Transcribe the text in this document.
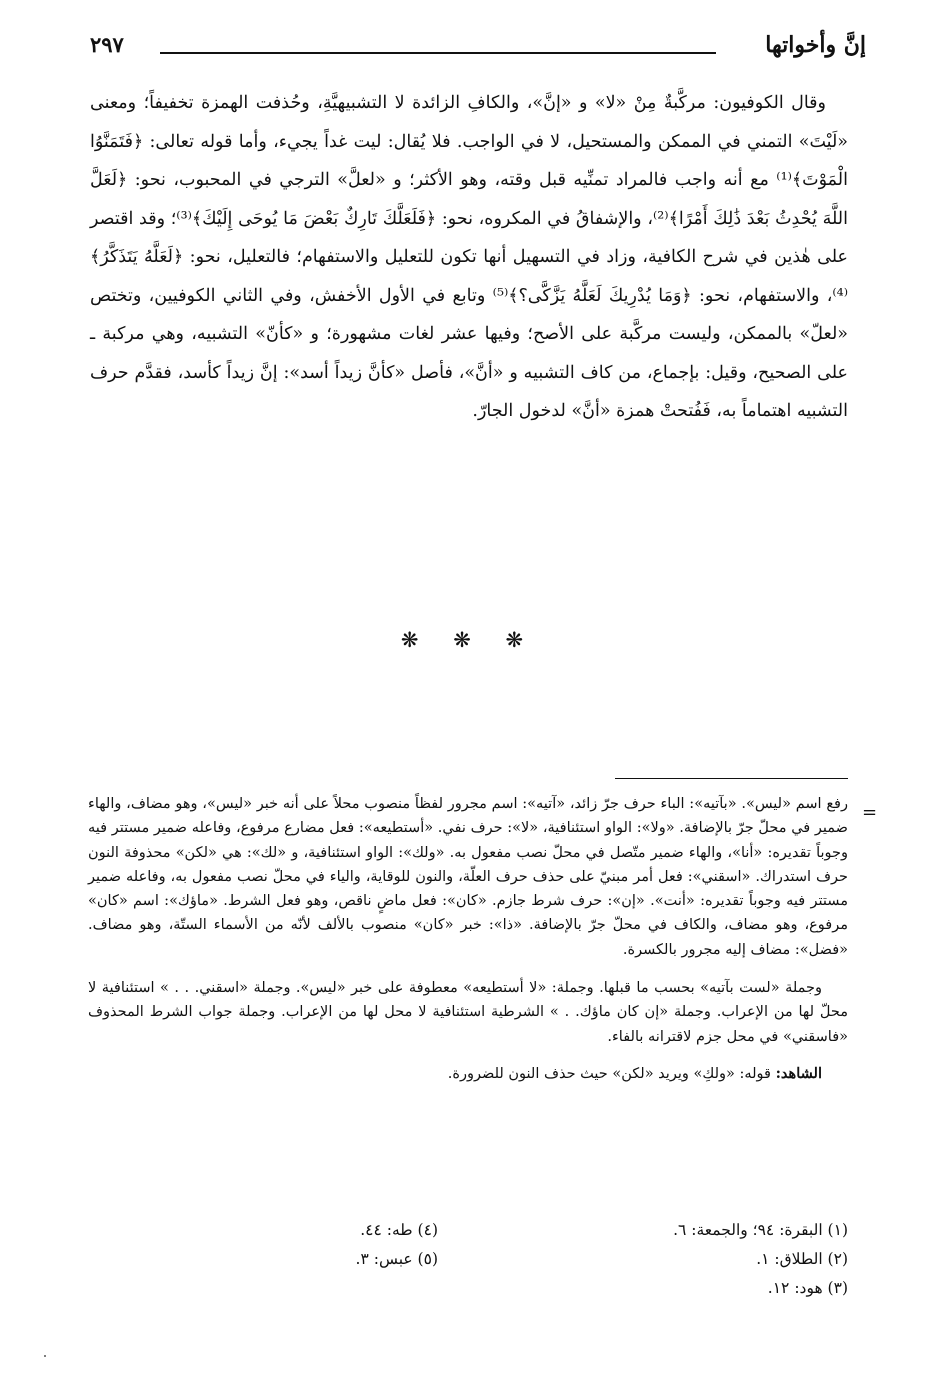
إنَّ وأخواتها
٢٩٧

وقال الكوفيون: مركَّبةٌ مِنْ «لا» و «إنَّ»، والكافِ الزائدة لا التشبيهيَّةِ، وحُذفت الهمزة تخفيفاً؛ ومعنى «لَيْتَ» التمني في الممكن والمستحيل، لا في الواجب. فلا يُقال: ليت غداً يجيء، وأما قوله تعالى: ﴿فَتَمَنَّوُا الْمَوْتَ﴾⁽¹⁾ مع أنه واجب فالمراد تمنِّيه قبل وقته، وهو الأكثر؛ و «لعلَّ» الترجي في المحبوب، نحو: ﴿لَعَلَّ اللَّهَ يُحْدِثُ بَعْدَ ذَٰلِكَ أَمْرًا﴾⁽²⁾، والإشفاقُ في المكروه، نحو: ﴿فَلَعَلَّكَ تَارِكٌ بَعْضَ مَا يُوحَى إِلَيْكَ﴾⁽³⁾؛ وقد اقتصر على هٰذين في شرح الكافية، وزاد في التسهيل أنها تكون للتعليل والاستفهام؛ فالتعليل، نحو: ﴿لَعَلَّهُ يَتَذَكَّرُ﴾⁽⁴⁾، والاستفهام، نحو: ﴿وَمَا يُدْرِيكَ لَعَلَّهُ يَزَّكَّى؟﴾⁽⁵⁾ وتابع في الأول الأخفش، وفي الثاني الكوفيين، وتختص «لعلّ» بالممكن، وليست مركَّبة على الأصح؛ وفيها عشر لغات مشهورة؛ و «كأنّ» التشبيه، وهي مركبة ـ على الصحيح، وقيل: بإجماع، من كاف التشبيه و «أنَّ»، فأصل «كأنَّ زيداً أسد»: إنَّ زيداً كأسد، فقدَّم حرف التشبيه اهتماماً به، فَفُتحتْ همزة «أنَّ» لدخول الجارّ.

❋ ❋ ❋
=

رفع اسم «ليس». «بآتيه»: الباء حرف جرّ زائد، «آتيه»: اسم مجرور لفظاً منصوب محلاً على أنه خبر «ليس»، وهو مضاف، والهاء ضمير في محلّ جرّ بالإضافة. «ولا»: الواو استئنافية، «لا»: حرف نفي. «أستطيعه»: فعل مضارع مرفوع، وفاعله ضمير مستتر فيه وجوباً تقديره: «أنا»، والهاء ضمير متّصل في محلّ نصب مفعول به. «ولك»: الواو استئنافية، و «لك»: هي «لكن» محذوفة النون حرف استدراك. «اسقني»: فعل أمر مبنيّ على حذف حرف العلّة، والنون للوقاية، والياء في محلّ نصب مفعول به، وفاعله ضمير مستتر فيه وجوباً تقديره: «أنت». «إن»: حرف شرط جازم. «كان»: فعل ماضٍ ناقص، وهو فعل الشرط. «ماؤك»: اسم «كان» مرفوع، وهو مضاف، والكاف في محلّ جرّ بالإضافة. «ذا»: خبر «كان» منصوب بالألف لأنّه من الأسماء الستّة، وهو مضاف. «فضل»: مضاف إليه مجرور بالكسرة.

وجملة «لست بآتيه» بحسب ما قبلها. وجملة: «لا أستطيعه» معطوفة على خبر «ليس». وجملة «اسقني. . . » استئنافية لا محلّ لها من الإعراب. وجملة «إن كان ماؤك. . » الشرطية استئنافية لا محل لها من الإعراب. وجملة جواب الشرط المحذوف «فاسقني» في محل جزم لاقترانه بالفاء.

الشاهد: قوله: «ولكِ» ويريد «لكن» حيث حذف النون للضرورة.

(١) البقرة: ٩٤؛ والجمعة: ٦.
(٢) الطلاق: ١.
(٣) هود: ١٢.
(٤) طه: ٤٤.
(٥) عبس: ٣.
